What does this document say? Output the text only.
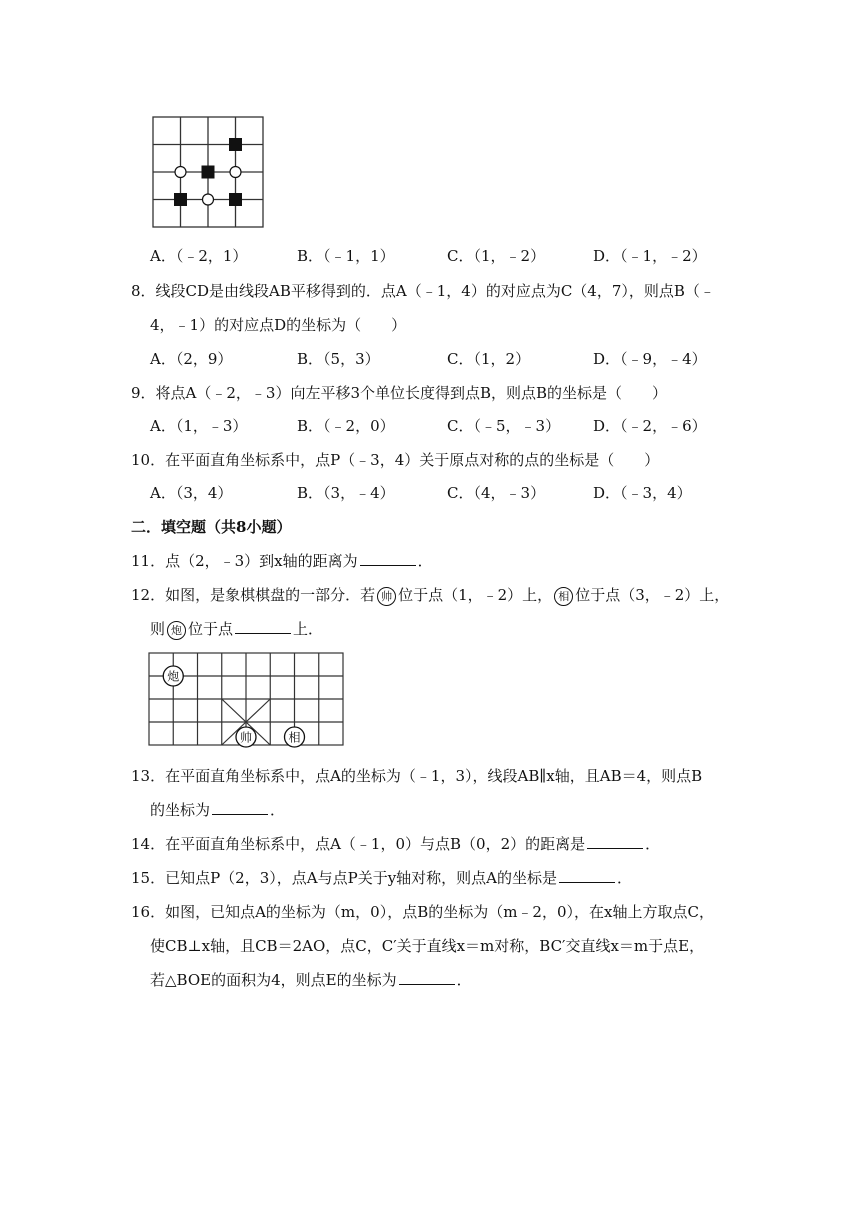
A．（﹣2，1）	B．（﹣1，1）	C．（1，﹣2）	D．（﹣1，﹣2）
8．线段CD是由线段AB平移得到的．点A（﹣1，4）的对应点为C（4，7），则点B（﹣
4，﹣1）的对应点D的坐标为（　　）
A．（2，9）	B．（5，3）	C．（1，2）	D．（﹣9，﹣4）
9．将点A（﹣2，﹣3）向左平移3个单位长度得到点B，则点B的坐标是（　　）
A．（1，﹣3）	B．（﹣2，0）	C．（﹣5，﹣3） D．（﹣2，﹣6）
10．在平面直角坐标系中，点P（﹣3，4）关于原点对称的点的坐标是（　　）
A．（3，4）	B．（3，﹣4）	C．（4，﹣3）	D．（﹣3，4）
二．填空题（共8小题）
11．点（2，﹣3）到x轴的距离为	．
12．如图，是象棋棋盘的一部分．若 帅 位于点（1，﹣2）上， 相 位于点（3，﹣2）上，
则 炮 位于点	上．
炮
帅	相
13．在平面直角坐标系中，点A的坐标为（﹣1，3），线段AB∥x轴，且AB＝4，则点B
的坐标为	．
14．在平面直角坐标系中，点A（﹣1，0）与点B（0，2）的距离是	．
15．已知点P（2，3），点A与点P关于y轴对称，则点A的坐标是	．
16．如图，已知点A的坐标为（m，0），点B的坐标为（m﹣2，0），在x轴上方取点C，
使CB⊥x轴，且CB＝2AO，点C，C′关于直线x＝m对称，BC′交直线x＝m于点E，
若△BOE的面积为4，则点E的坐标为	．
